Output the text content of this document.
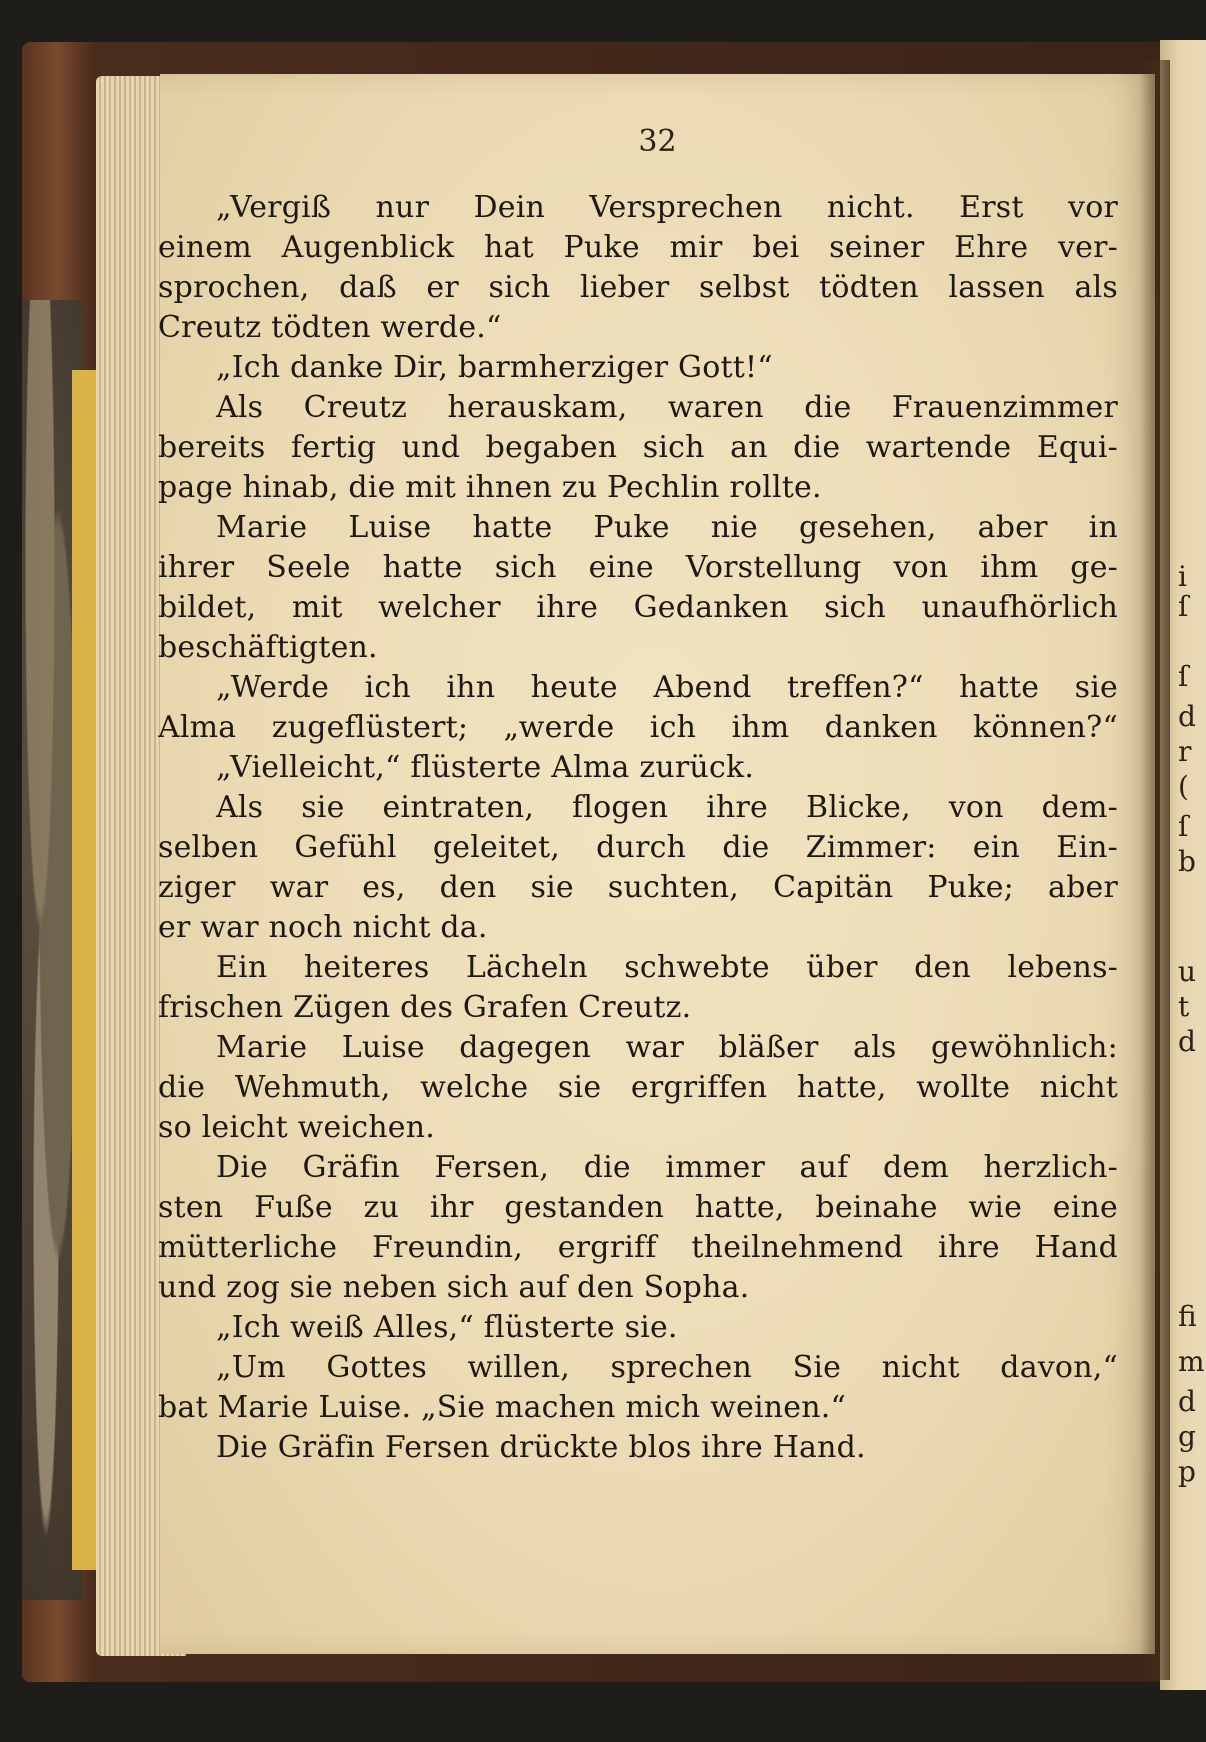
32
„Vergiß nur Dein Versprechen nicht. Erst vor
einem Augenblick hat Puke mir bei seiner Ehre ver-
sprochen, daß er sich lieber selbst tödten lassen als
Creutz tödten werde.“
„Ich danke Dir, barmherziger Gott!“
Als Creutz herauskam, waren die Frauenzimmer
bereits fertig und begaben sich an die wartende Equi-
page hinab, die mit ihnen zu Pechlin rollte.
Marie Luise hatte Puke nie gesehen, aber in
ihrer Seele hatte sich eine Vorstellung von ihm ge-
bildet, mit welcher ihre Gedanken sich unaufhörlich
beschäftigten.
„Werde ich ihn heute Abend treffen?“ hatte sie
Alma zugeflüstert; „werde ich ihm danken können?“
„Vielleicht,“ flüsterte Alma zurück.
Als sie eintraten, flogen ihre Blicke, von dem-
selben Gefühl geleitet, durch die Zimmer: ein Ein-
ziger war es, den sie suchten, Capitän Puke; aber
er war noch nicht da.
Ein heiteres Lächeln schwebte über den lebens-
frischen Zügen des Grafen Creutz.
Marie Luise dagegen war bläßer als gewöhnlich:
die Wehmuth, welche sie ergriffen hatte, wollte nicht
so leicht weichen.
Die Gräfin Fersen, die immer auf dem herzlich-
sten Fuße zu ihr gestanden hatte, beinahe wie eine
mütterliche Freundin, ergriff theilnehmend ihre Hand
und zog sie neben sich auf den Sopha.
„Ich weiß Alles,“ flüsterte sie.
„Um Gottes willen, sprechen Sie nicht davon,“
bat Marie Luise. „Sie machen mich weinen.“
Die Gräfin Fersen drückte blos ihre Hand.
i
ſ
ſ
d
r
(
ſ
b
u
t
d
fi
m
d
g
p
